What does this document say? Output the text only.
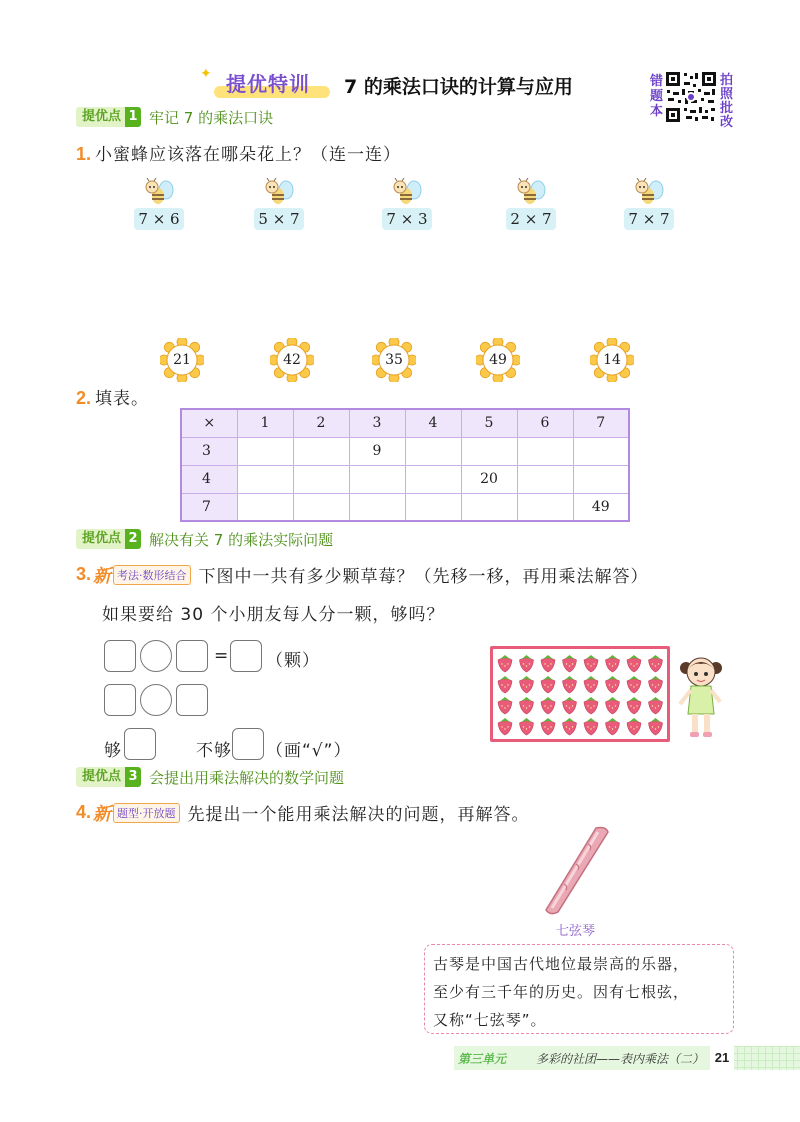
✦ 提优特训 7 的乘法口诀的计算与应用	错题本
拍照批改
提优点 1 牢记 7 的乘法口诀
1. 小蜜蜂应该落在哪朵花上？（连一连）
7 × 6	5 × 7	7 × 3	2 × 7	7 × 7
21	42	35	49	14
2. 填表。
×	1	2	3	4	5	6	7
3			9				
4					20		
7							49
提优点 2 解决有关 7 的乘法实际问题
3. 新 考法·数形结合 下图中一共有多少颗草莓？（先移一移，再用乘法解答）
如果要给 30 个小朋友每人分一颗，够吗？
= （颗）
够	不够 （画“√”）
提优点 3 会提出用乘法解决的数学问题
4. 新 题型·开放题 先提出一个能用乘法解决的问题，再解答。
七弦琴
古琴是中国古代地位最崇高的乐器，
至少有三千年的历史。因有七根弦，
又称“七弦琴”。
第三单元 多彩的社团——表内乘法（二） 21
